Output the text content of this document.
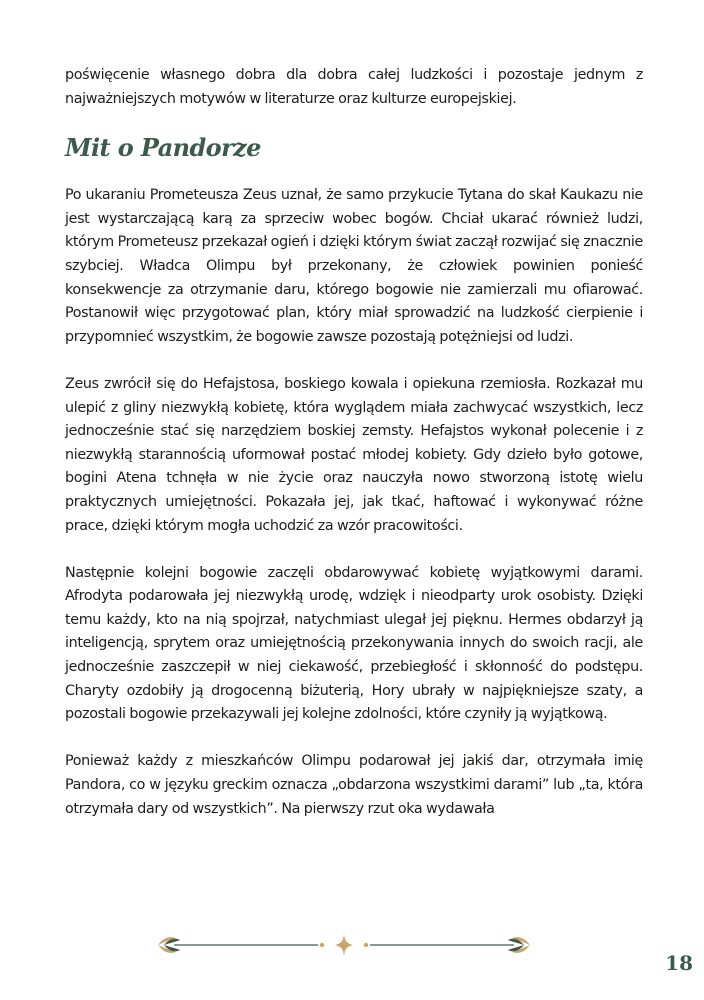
poświęcenie własnego dobra dla dobra całej ludzkości i pozostaje jednym z najważniejszych motywów w literaturze oraz kulturze europejskiej.

Mit o Pandorze

Po ukaraniu Prometeusza Zeus uznał, że samo przykucie Tytana do skał Kaukazu nie jest wystarczającą karą za sprzeciw wobec bogów. Chciał ukarać również ludzi, którym Prometeusz przekazał ogień i dzięki którym świat zaczął rozwijać się znacznie szybciej. Władca Olimpu był przekonany, że człowiek powinien ponieść konsekwencje za otrzymanie daru, którego bogowie nie zamierzali mu ofiarować. Postanowił więc przygotować plan, który miał sprowadzić na ludzkość cierpienie i przypomnieć wszystkim, że bogowie zawsze pozostają potężniejsi od ludzi.

Zeus zwrócił się do Hefajstosa, boskiego kowala i opiekuna rzemiosła. Rozkazał mu ulepić z gliny niezwykłą kobietę, która wyglądem miała zachwycać wszystkich, lecz jednocześnie stać się narzędziem boskiej zemsty. Hefajstos wykonał polecenie i z niezwykłą starannością uformował postać młodej kobiety. Gdy dzieło było gotowe, bogini Atena tchnęła w nie życie oraz nauczyła nowo stworzoną istotę wielu praktycznych umiejętności. Pokazała jej, jak tkać, haftować i wykonywać różne prace, dzięki którym mogła uchodzić za wzór pracowitości.

Następnie kolejni bogowie zaczęli obdarowywać kobietę wyjątkowymi darami. Afrodyta podarowała jej niezwykłą urodę, wdzięk i nieodparty urok osobisty. Dzięki temu każdy, kto na nią spojrzał, natychmiast ulegał jej pięknu. Hermes obdarzył ją inteligencją, sprytem oraz umiejętnością przekonywania innych do swoich racji, ale jednocześnie zaszczepił w niej ciekawość, przebiegłość i skłonność do podstępu. Charyty ozdobiły ją drogocenną biżuterią, Hory ubrały w najpiękniejsze szaty, a pozostali bogowie przekazywali jej kolejne zdolności, które czyniły ją wyjątkową.

Ponieważ każdy z mieszkańców Olimpu podarował jej jakiś dar, otrzymała imię Pandora, co w języku greckim oznacza „obdarzona wszystkimi darami” lub „ta, która otrzymała dary od wszystkich”. Na pierwszy rzut oka wydawała

18
